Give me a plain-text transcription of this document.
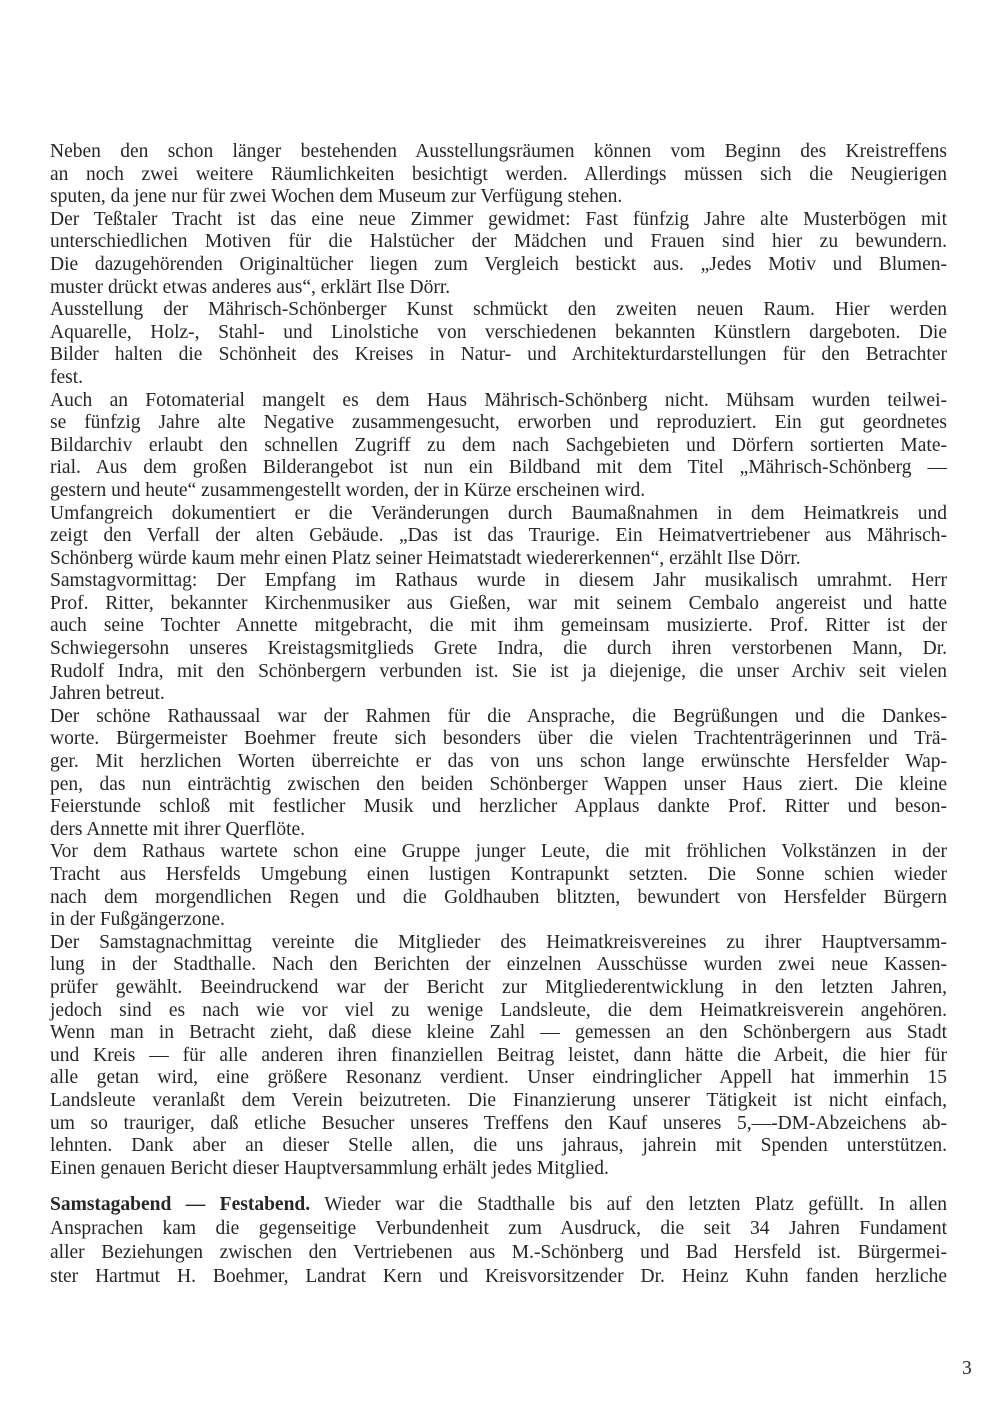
Neben den schon länger bestehenden Ausstellungsräumen können vom Beginn des Kreistreffens
an noch zwei weitere Räumlichkeiten besichtigt werden. Allerdings müssen sich die Neugierigen
sputen, da jene nur für zwei Wochen dem Museum zur Verfügung stehen.
Der Teßtaler Tracht ist das eine neue Zimmer gewidmet: Fast fünfzig Jahre alte Musterbögen mit
unterschiedlichen Motiven für die Halstücher der Mädchen und Frauen sind hier zu bewundern.
Die dazugehörenden Originaltücher liegen zum Vergleich bestickt aus. „Jedes Motiv und Blumen-
muster drückt etwas anderes aus“, erklärt Ilse Dörr.
Ausstellung der Mährisch-Schönberger Kunst schmückt den zweiten neuen Raum. Hier werden
Aquarelle, Holz-, Stahl- und Linolstiche von verschiedenen bekannten Künstlern dargeboten. Die
Bilder halten die Schönheit des Kreises in Natur- und Architekturdarstellungen für den Betrachter
fest.
Auch an Fotomaterial mangelt es dem Haus Mährisch-Schönberg nicht. Mühsam wurden teilwei-
se fünfzig Jahre alte Negative zusammengesucht, erworben und reproduziert. Ein gut geordnetes
Bildarchiv erlaubt den schnellen Zugriff zu dem nach Sachgebieten und Dörfern sortierten Mate-
rial. Aus dem großen Bilderangebot ist nun ein Bildband mit dem Titel „Mährisch-Schönberg —
gestern und heute“ zusammengestellt worden, der in Kürze erscheinen wird.
Umfangreich dokumentiert er die Veränderungen durch Baumaßnahmen in dem Heimatkreis und
zeigt den Verfall der alten Gebäude. „Das ist das Traurige. Ein Heimatvertriebener aus Mährisch-
Schönberg würde kaum mehr einen Platz seiner Heimatstadt wiedererkennen“, erzählt Ilse Dörr.
Samstagvormittag: Der Empfang im Rathaus wurde in diesem Jahr musikalisch umrahmt. Herr
Prof. Ritter, bekannter Kirchenmusiker aus Gießen, war mit seinem Cembalo angereist und hatte
auch seine Tochter Annette mitgebracht, die mit ihm gemeinsam musizierte. Prof. Ritter ist der
Schwiegersohn unseres Kreistagsmitglieds Grete Indra, die durch ihren verstorbenen Mann, Dr.
Rudolf Indra, mit den Schönbergern verbunden ist. Sie ist ja diejenige, die unser Archiv seit vielen
Jahren betreut.
Der schöne Rathaussaal war der Rahmen für die Ansprache, die Begrüßungen und die Dankes-
worte. Bürgermeister Boehmer freute sich besonders über die vielen Trachtenträgerinnen und Trä-
ger. Mit herzlichen Worten überreichte er das von uns schon lange erwünschte Hersfelder Wap-
pen, das nun einträchtig zwischen den beiden Schönberger Wappen unser Haus ziert. Die kleine
Feierstunde schloß mit festlicher Musik und herzlicher Applaus dankte Prof. Ritter und beson-
ders Annette mit ihrer Querflöte.
Vor dem Rathaus wartete schon eine Gruppe junger Leute, die mit fröhlichen Volkstänzen in der
Tracht aus Hersfelds Umgebung einen lustigen Kontrapunkt setzten. Die Sonne schien wieder
nach dem morgendlichen Regen und die Goldhauben blitzten, bewundert von Hersfelder Bürgern
in der Fußgängerzone.
Der Samstagnachmittag vereinte die Mitglieder des Heimatkreisvereines zu ihrer Hauptversamm-
lung in der Stadthalle. Nach den Berichten der einzelnen Ausschüsse wurden zwei neue Kassen-
prüfer gewählt. Beeindruckend war der Bericht zur Mitgliederentwicklung in den letzten Jahren,
jedoch sind es nach wie vor viel zu wenige Landsleute, die dem Heimatkreisverein angehören.
Wenn man in Betracht zieht, daß diese kleine Zahl — gemessen an den Schönbergern aus Stadt
und Kreis — für alle anderen ihren finanziellen Beitrag leistet, dann hätte die Arbeit, die hier für
alle getan wird, eine größere Resonanz verdient. Unser eindringlicher Appell hat immerhin 15
Landsleute veranlaßt dem Verein beizutreten. Die Finanzierung unserer Tätigkeit ist nicht einfach,
um so trauriger, daß etliche Besucher unseres Treffens den Kauf unseres 5,—-DM-Abzeichens ab-
lehnten. Dank aber an dieser Stelle allen, die uns jahraus, jahrein mit Spenden unterstützen.
Einen genauen Bericht dieser Hauptversammlung erhält jedes Mitglied.
Samstagabend — Festabend. Wieder war die Stadthalle bis auf den letzten Platz gefüllt. In allen
Ansprachen kam die gegenseitige Verbundenheit zum Ausdruck, die seit 34 Jahren Fundament
aller Beziehungen zwischen den Vertriebenen aus M.-Schönberg und Bad Hersfeld ist. Bürgermei-
ster Hartmut H. Boehmer, Landrat Kern und Kreisvorsitzender Dr. Heinz Kuhn fanden herzliche
3
